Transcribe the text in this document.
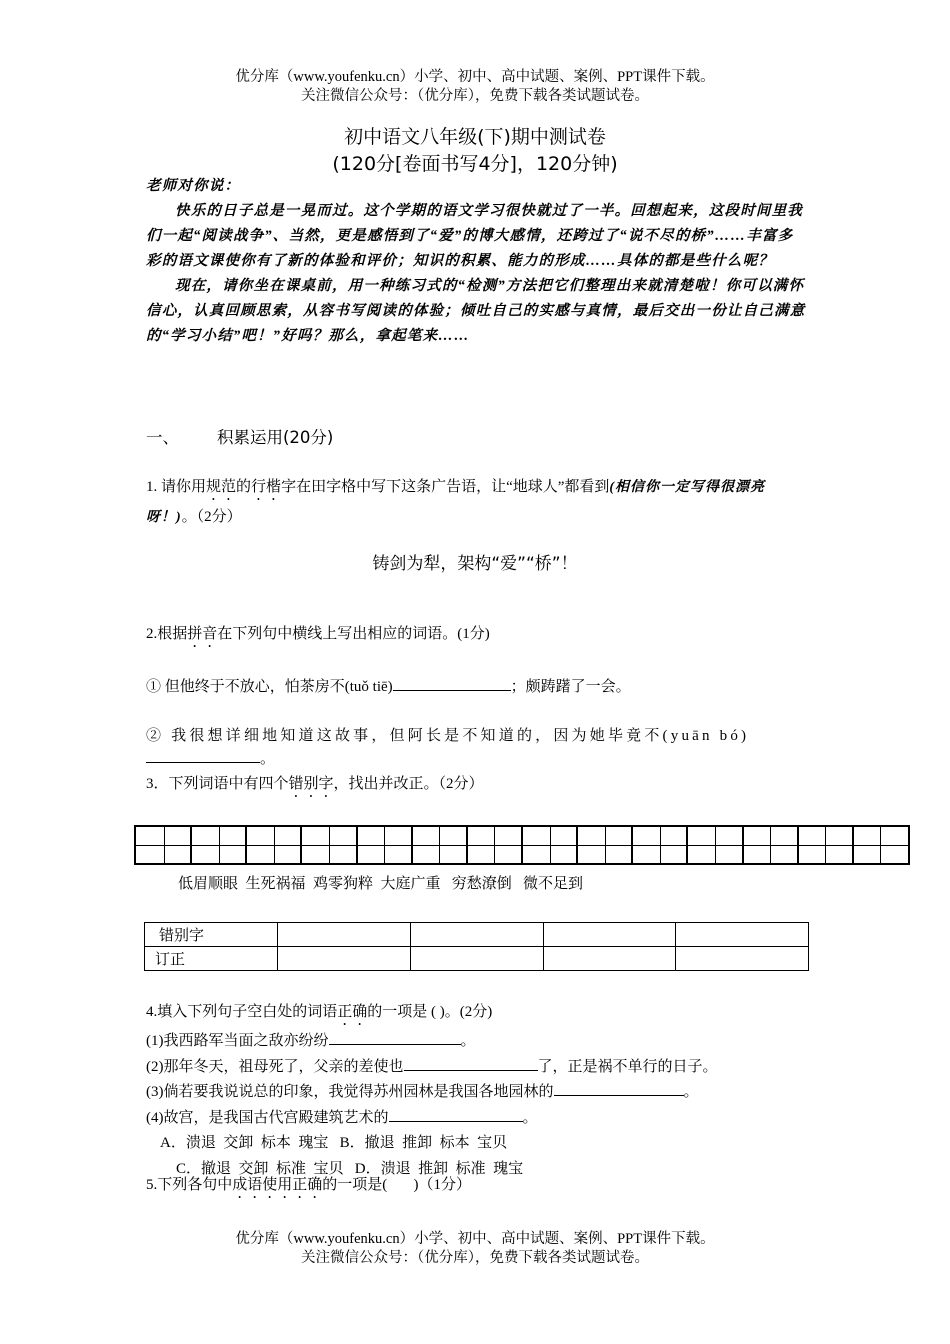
优分库（www.youfenku.cn）小学、初中、高中试题、案例、PPT课件下载。
关注微信公众号：（优分库），免费下载各类试题试卷。
初中语文八年级(下)期中测试卷
(120分[卷面书写4分]，120分钟)
老师对你说：

快乐的日子总是一晃而过。这个学期的语文学习很快就过了一半。回想起来，这段时间里我们一起“阅读战争”、当然，更是感悟到了“爱”的博大感情，还跨过了“说不尽的桥”……丰富多彩的语文课使你有了新的体验和评价；知识的积累、能力的形成……具体的都是些什么呢？

现在，请你坐在课桌前，用一种练习式的“检测”方法把它们整理出来就清楚啦！你可以满怀信心，认真回顾思索，从容书写阅读的体验；倾吐自己的实感与真情，最后交出一份让自己满意的“学习小结”吧！”好吗？那么，拿起笔来……

一、 积累运用(20分)
1. 请你用规范的行楷字在田字格中写下这条广告语，让“地球人”都看到(相信你一定写得很漂亮呀！)。（2分）
铸剑为犁，架构“爱”“桥”！
2.根据拼音在下列句中横线上写出相应的词语。(1分)
① 但他终于不放心，怕茶房不(tuǒ tiē)	；颇踌躇了一会。
② 我很想详细地知道这故事，但阿长是不知道的，因为她毕竟不(yuān bó)
。
3．下列词语中有四个错别字，找出并改正。（2分）
低眉顺眼  生死祸福  鸡零狗粹  大庭广重   穷愁潦倒   微不足到
错别字				
订正				
4.填入下列句子空白处的词语正确的一项是 ( )。(2分)
(1)我西路军当面之敌亦纷纷	。
(2)那年冬天，祖母死了，父亲的差使也	了，正是祸不单行的日子。
(3)倘若要我说说总的印象，我觉得苏州园林是我国各地园林的	。
(4)故宫，是我国古代宫殿建筑艺术的	。
A．溃退  交卸  标本  瑰宝   B．撤退  推卸  标本  宝贝
C．撤退  交卸  标准  宝贝   D．溃退  推卸  标准  瑰宝
5.下列各句中成语使用正确的一项是(       )（1分）
优分库（www.youfenku.cn）小学、初中、高中试题、案例、PPT课件下载。
关注微信公众号：（优分库），免费下载各类试题试卷。
